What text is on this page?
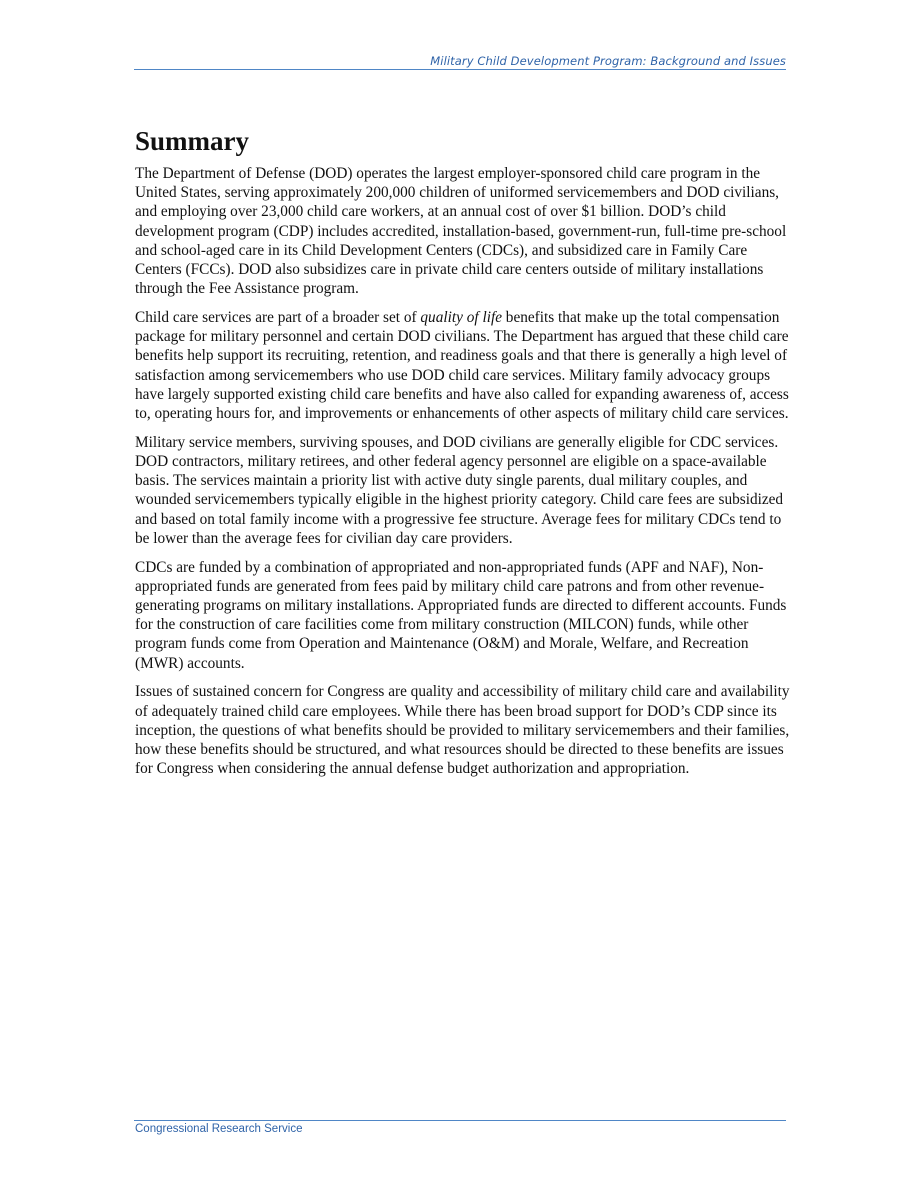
Military Child Development Program: Background and Issues
Summary

The Department of Defense (DOD) operates the largest employer-sponsored child care program in the United States, serving approximately 200,000 children of uniformed servicemembers and DOD civilians, and employing over 23,000 child care workers, at an annual cost of over $1 billion. DOD’s child development program (CDP) includes accredited, installation-based, government-run, full-time pre-school and school-aged care in its Child Development Centers (CDCs), and subsidized care in Family Care Centers (FCCs). DOD also subsidizes care in private child care centers outside of military installations through the Fee Assistance program.

Child care services are part of a broader set of quality of life benefits that make up the total compensation package for military personnel and certain DOD civilians. The Department has argued that these child care benefits help support its recruiting, retention, and readiness goals and that there is generally a high level of satisfaction among servicemembers who use DOD child care services. Military family advocacy groups have largely supported existing child care benefits and have also called for expanding awareness of, access to, operating hours for, and improvements or enhancements of other aspects of military child care services.

Military service members, surviving spouses, and DOD civilians are generally eligible for CDC services. DOD contractors, military retirees, and other federal agency personnel are eligible on a space-available basis. The services maintain a priority list with active duty single parents, dual military couples, and wounded servicemembers typically eligible in the highest priority category. Child care fees are subsidized and based on total family income with a progressive fee structure. Average fees for military CDCs tend to be lower than the average fees for civilian day care providers.

CDCs are funded by a combination of appropriated and non-appropriated funds (APF and NAF), Non-appropriated funds are generated from fees paid by military child care patrons and from other revenue-generating programs on military installations. Appropriated funds are directed to different accounts. Funds for the construction of care facilities come from military construction (MILCON) funds, while other program funds come from Operation and Maintenance (O&M) and Morale, Welfare, and Recreation (MWR) accounts.

Issues of sustained concern for Congress are quality and accessibility of military child care and availability of adequately trained child care employees. While there has been broad support for DOD’s CDP since its inception, the questions of what benefits should be provided to military servicemembers and their families, how these benefits should be structured, and what resources should be directed to these benefits are issues for Congress when considering the annual defense budget authorization and appropriation.

Congressional Research Service
